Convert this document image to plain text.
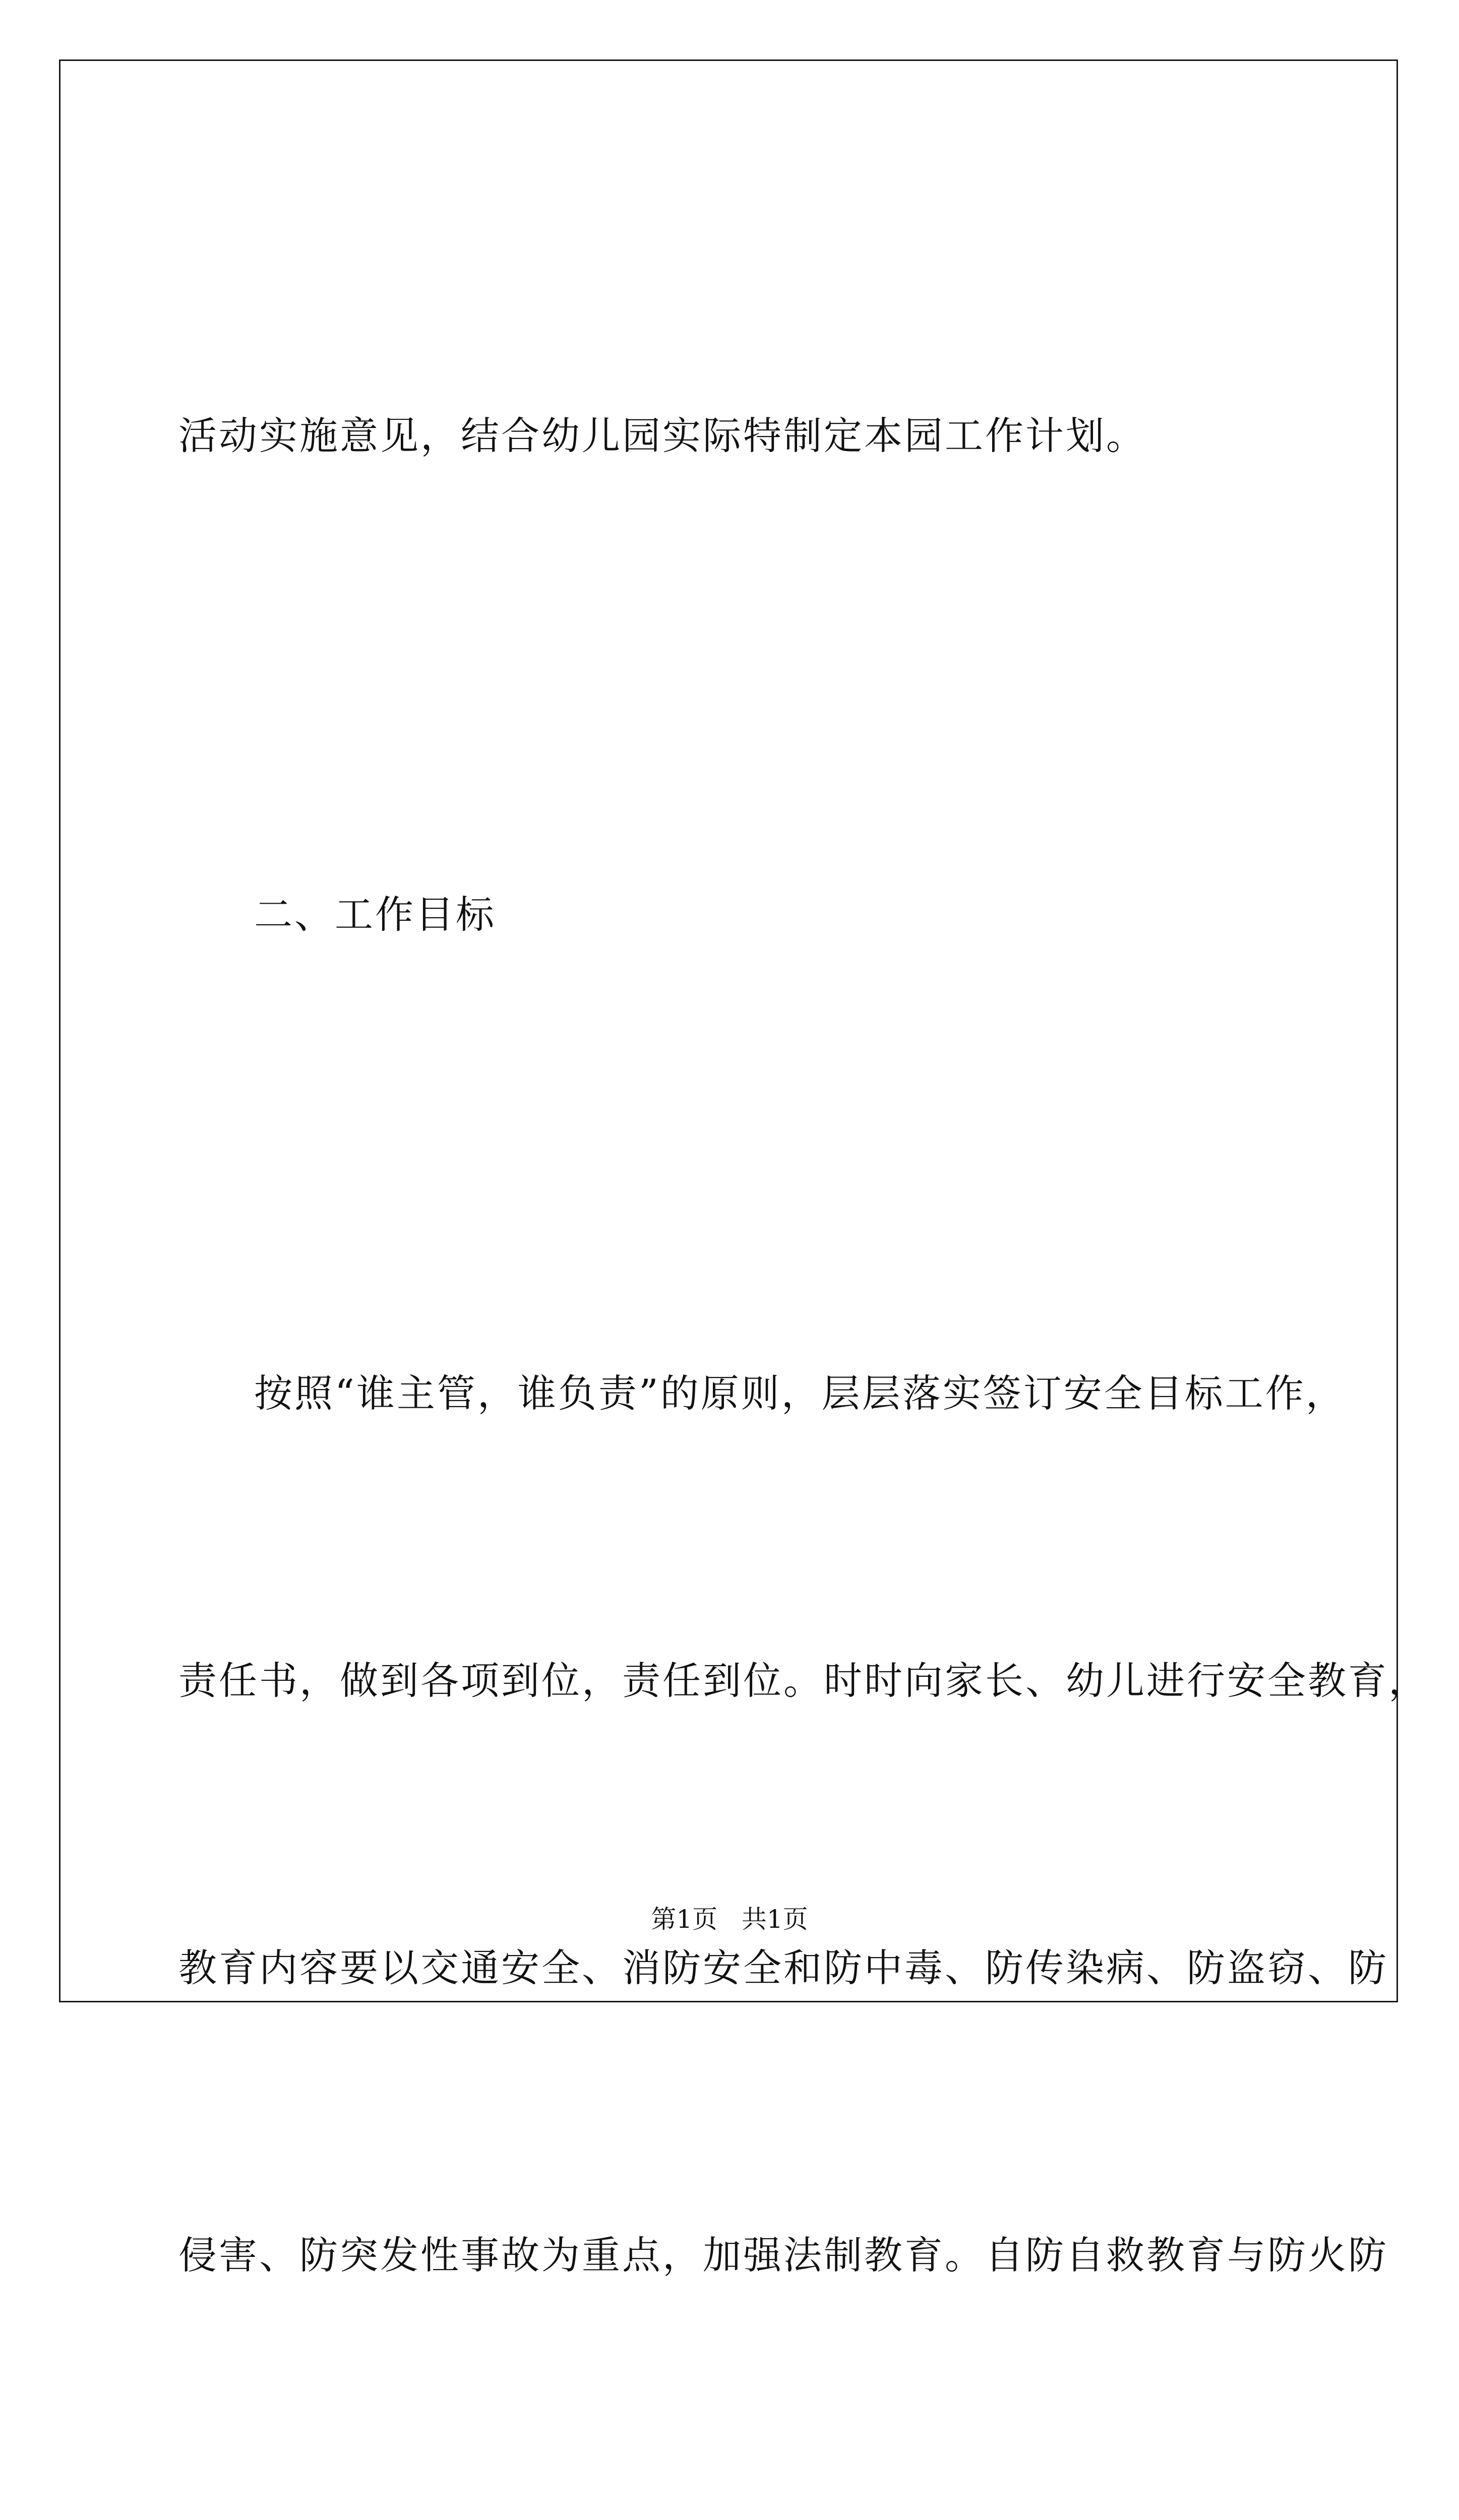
活动实施意见，结合幼儿园实际特制定本园工作计划。

二、工作目标

按照“谁主管，谁负责”的原则，层层落实签订安全目标工作，

责任书，做到各项到位，责任到位。时时向家长、幼儿进行安全教育，

教育内容要以交通安全、消防安全和防中毒、防传染病、防盗窃、防

侵害、防突发性事故为重点，加强法制教育。自防自救教育与防火防

第1页   共1页
